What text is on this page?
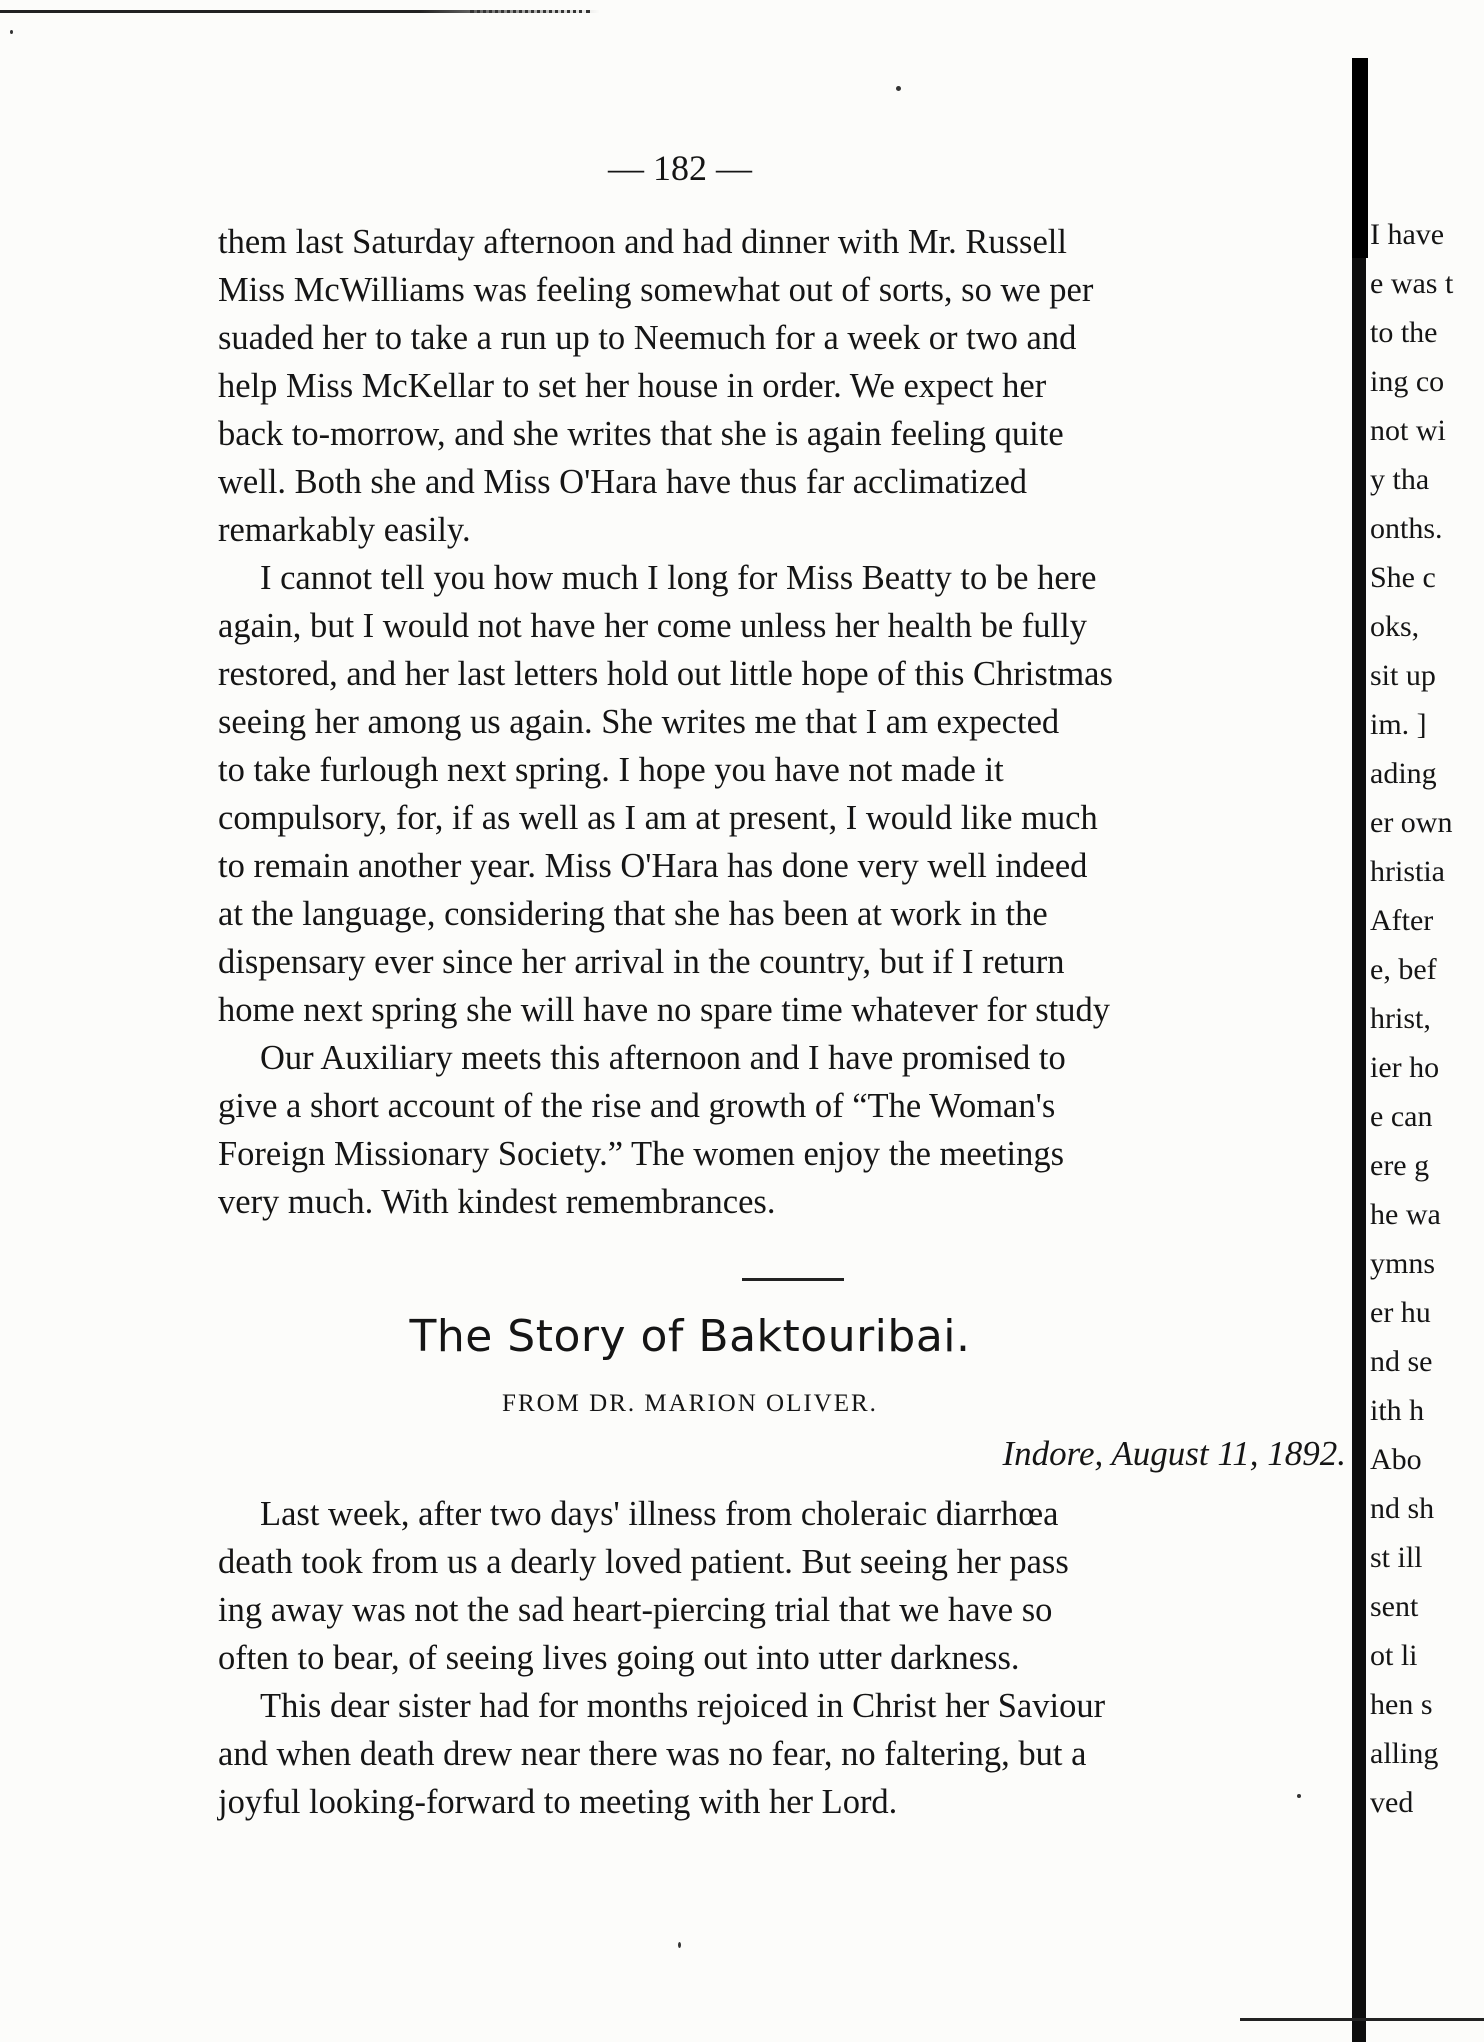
— 182 —

them last Saturday afternoon and had dinner with Mr. Russell

Miss McWilliams was feeling somewhat out of sorts, so we per

suaded her to take a run up to Neemuch for a week or two and

help Miss McKellar to set her house in order. We expect her

back to-morrow, and she writes that she is again feeling quite

well. Both she and Miss O'Hara have thus far acclimatized

remarkably easily.

I cannot tell you how much I long for Miss Beatty to be here

again, but I would not have her come unless her health be fully

restored, and her last letters hold out little hope of this Christmas

seeing her among us again. She writes me that I am expected

to take furlough next spring. I hope you have not made it

compulsory, for, if as well as I am at present, I would like much

to remain another year. Miss O'Hara has done very well indeed

at the language, considering that she has been at work in the

dispensary ever since her arrival in the country, but if I return

home next spring she will have no spare time whatever for study

Our Auxiliary meets this afternoon and I have promised to

give a short account of the rise and growth of “The Woman's

Foreign Missionary Society.” The women enjoy the meetings

very much. With kindest remembrances.

The Story of Baktouribai.
FROM DR. MARION OLIVER.
Indore, August 11, 1892.

Last week, after two days' illness from choleraic diarrhœa

death took from us a dearly loved patient. But seeing her pass

ing away was not the sad heart-piercing trial that we have so

often to bear, of seeing lives going out into utter darkness.

This dear sister had for months rejoiced in Christ her Saviour

and when death drew near there was no fear, no faltering, but a

joyful looking-forward to meeting with her Lord.

I have
e was t
to the
ing co
not wi
y tha
onths.
She c
oks,
sit up
im. ]
ading
er own
hristia
After
e, bef
hrist,
ier ho
e can
ere g
he wa
ymns
er hu
nd se
ith h
Abo
nd sh
st ill
sent
ot li
hen s
alling
ved
